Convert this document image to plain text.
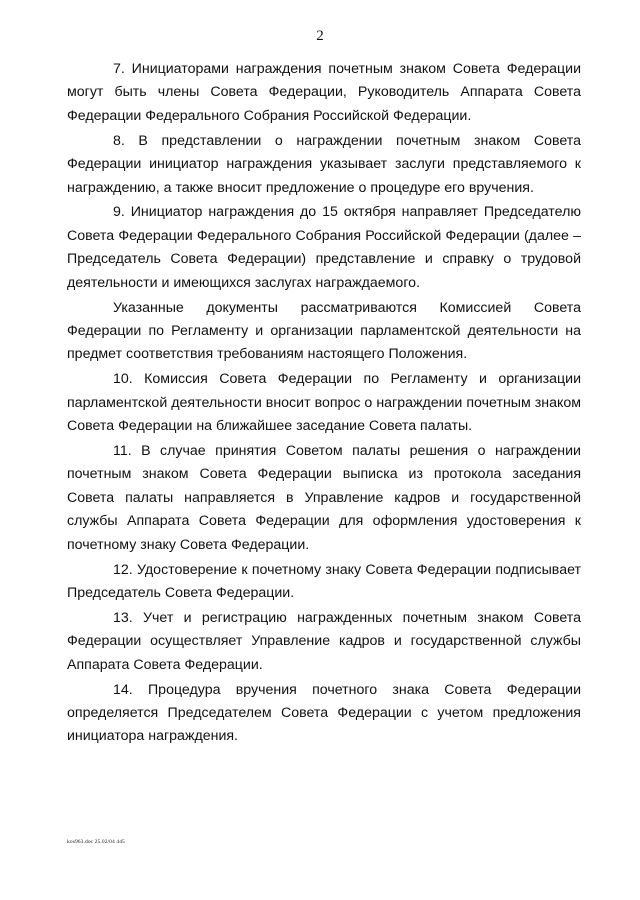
2

7. Инициаторами награждения почетным знаком Совета Федерации могут быть члены Совета Федерации, Руководитель Аппарата Совета Федерации Федерального Собрания Российской Федерации.

8. В представлении о награждении почетным знаком Совета Федерации инициатор награждения указывает заслуги представляемого к награждению, а также вносит предложение о процедуре его вручения.

9. Инициатор награждения до 15 октября направляет Председателю Совета Федерации Федерального Собрания Российской Федерации (далее – Председатель Совета Федерации) представление и справку о трудовой деятельности и имеющихся заслугах награждаемого.

Указанные документы рассматриваются Комиссией Совета Федерации по Регламенту и организации парламентской деятельности на предмет соответствия требованиям настоящего Положения.

10. Комиссия Совета Федерации по Регламенту и организации парламентской деятельности вносит вопрос о награждении почетным знаком Совета Федерации на ближайшее заседание Совета палаты.

11. В случае принятия Советом палаты решения о награждении почетным знаком Совета Федерации выписка из протокола заседания Совета палаты направляется в Управление кадров и государственной службы Аппарата Совета Федерации для оформления удостоверения к почетному знаку Совета Федерации.

12. Удостоверение к почетному знаку Совета Федерации подписывает Председатель Совета Федерации.

13. Учет и регистрацию награжденных почетным знаком Совета Федерации осуществляет Управление кадров и государственной службы Аппарата Совета Федерации.

14. Процедура вручения почетного знака Совета Федерации определяется Председателем Совета Федерации с учетом предложения инициатора награждения.

kos963.doc 25.02/04 445
